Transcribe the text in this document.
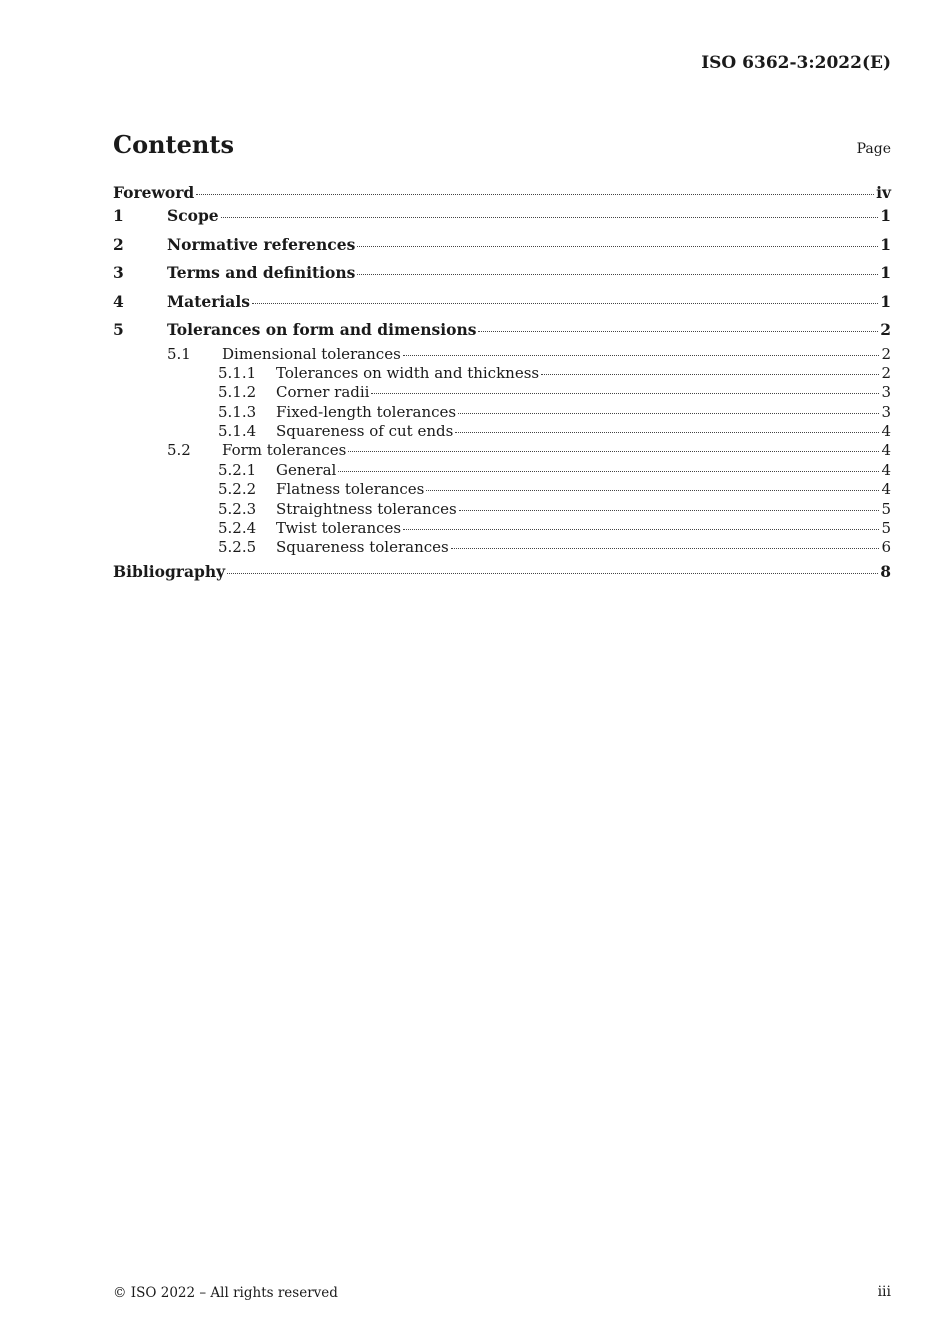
ISO 6362-3:2022(E)
Contents	Page
Foreword	iv
1	Scope	1
2	Normative references	1
3	Terms and definitions	1
4	Materials	1
5	Tolerances on form and dimensions	2
5.1	Dimensional tolerances	2
5.1.1	Tolerances on width and thickness	2
5.1.2	Corner radii	3
5.1.3	Fixed-length tolerances	3
5.1.4	Squareness of cut ends	4
5.2	Form tolerances	4
5.2.1	General	4
5.2.2	Flatness tolerances	4
5.2.3	Straightness tolerances	5
5.2.4	Twist tolerances	5
5.2.5	Squareness tolerances	6
Bibliography	8
© ISO 2022 – All rights reserved	iii
